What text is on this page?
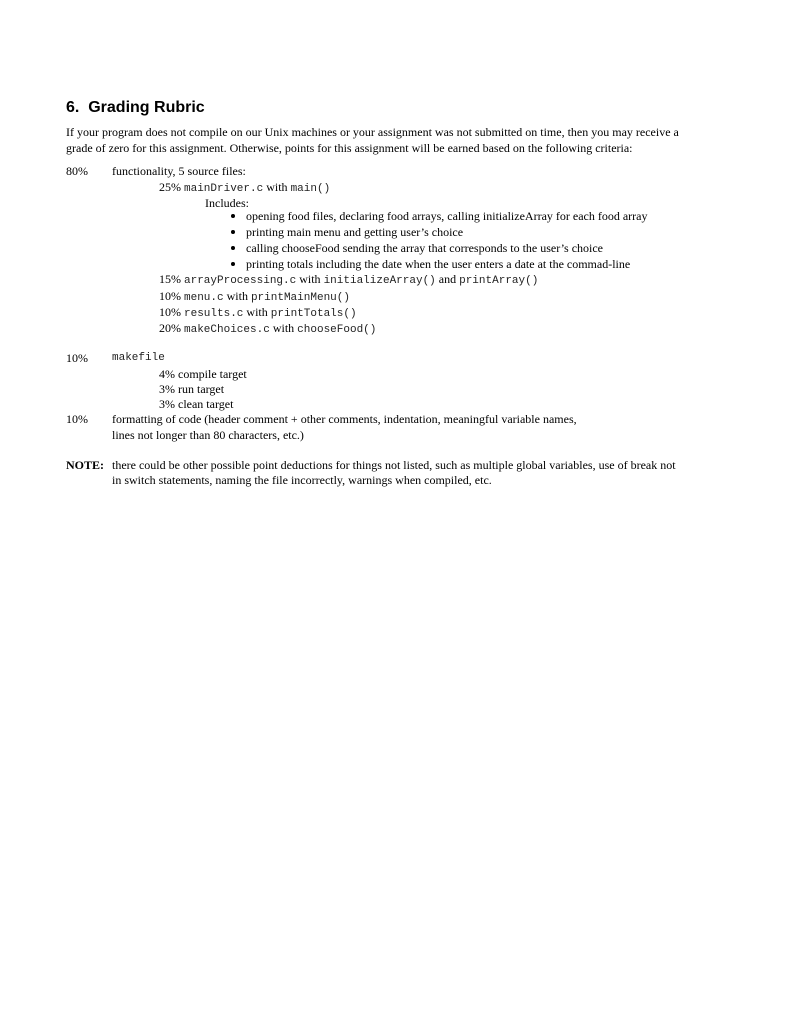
6. Grading Rubric
If your program does not compile on our Unix machines or your assignment was not submitted on time, then you may receive a
grade of zero for this assignment. Otherwise, points for this assignment will be earned based on the following criteria:
80% functionality, 5 source files:
25% mainDriver.c with main()
Includes:
opening food files, declaring food arrays, calling initializeArray for each food array
printing main menu and getting user’s choice
calling chooseFood sending the array that corresponds to the user’s choice
printing totals including the date when the user enters a date at the commad-line
15% arrayProcessing.c with initializeArray() and printArray()
10% menu.c with printMainMenu()
10% results.c with printTotals()
20% makeChoices.c with chooseFood()
10% makefile
4% compile target
3% run target
3% clean target
10% formatting of code (header comment + other comments, indentation, meaningful variable names,
lines not longer than 80 characters, etc.)
NOTE: there could be other possible point deductions for things not listed, such as multiple global variables, use of break not
in switch statements, naming the file incorrectly, warnings when compiled, etc.
